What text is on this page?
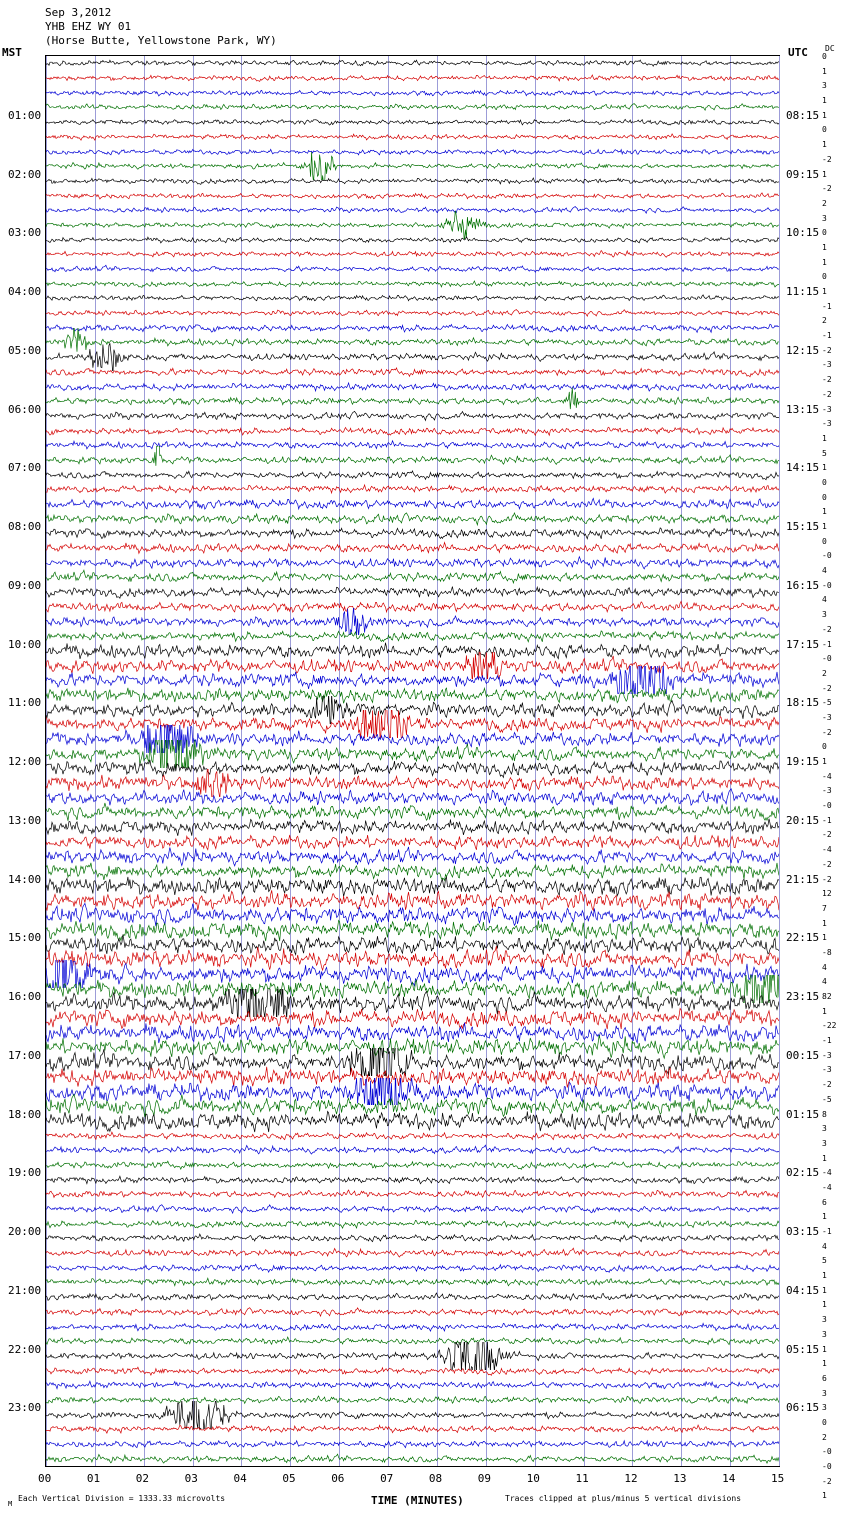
Sep 3,2012
YHB EHZ WY 01
(Horse Butte, Yellowstone Park, WY)
MST	UTC DC
TIME (MINUTES)
Each Vertical Division = 1333.33 microvolts	Traces clipped at plus/minus 5 vertical divisions
M
01:00
02:00
03:00
04:00
05:00
06:00
07:00
08:00
09:00
10:00
11:00
12:00
13:00
14:00
15:00
16:00
17:00
18:00
19:00
20:00
21:00
22:00
23:00
08:15
09:15
10:15
11:15
12:15
13:15
14:15
15:15
16:15
17:15
18:15
19:15
20:15
21:15
22:15
23:15
00:15
01:15
02:15
03:15
04:15
05:15
06:15
0
1
3
1
1
0
1
-2
1
-2
2
3
0
1
1
0
1
-1
2
-1
-2
-3
-2
-2
-3
-3
1
5
1
0
0
1
1
0
-0
4
-0
4
3
-2
-1
-0
2
-2
-5
-3
-2
0
1
-4
-3
-0
-1
-2
-4
-2
-2
12
7
1
1
-8
4
4
82
1
-22
-1
-3
-3
-2
-5
8
3
3
1
-4
-4
6
1
-1
4
5
1
1
1
3
3
1
1
6
3
3
0
2
-0
-0
-2
1
00	01	02	03	04	05	06	07	08	09	10	11	12	13	14	15
